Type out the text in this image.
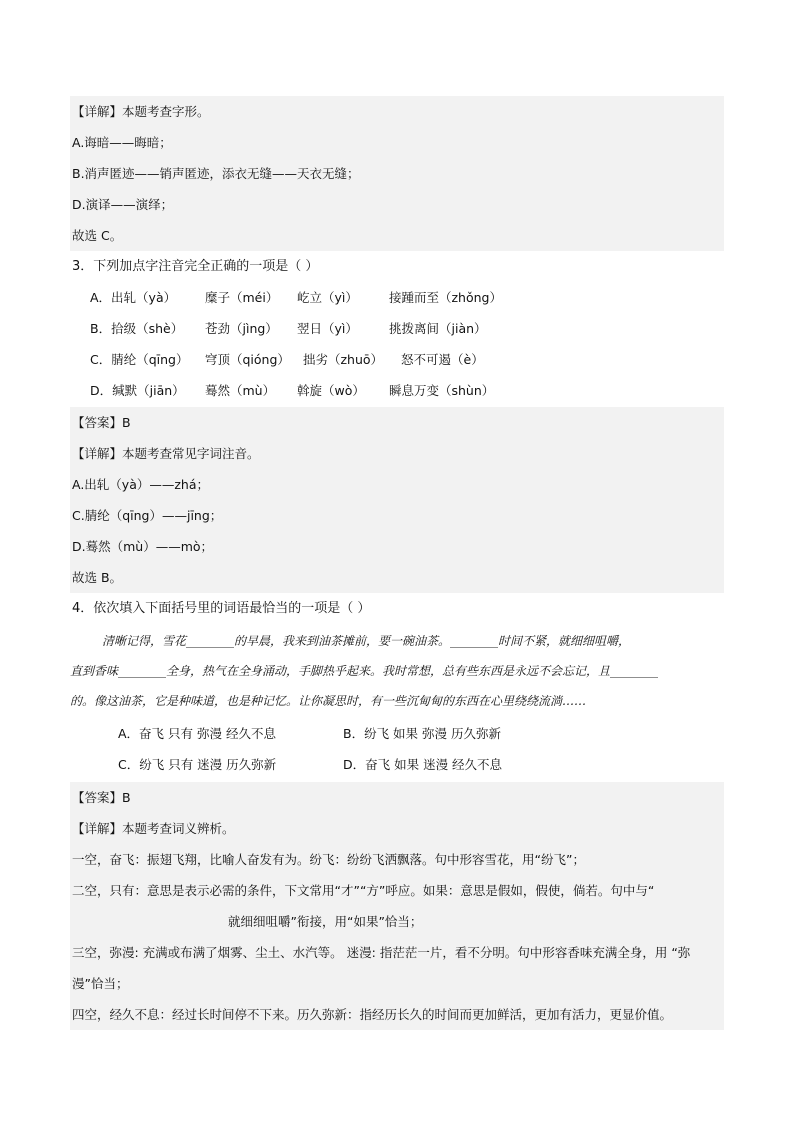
【详解】本题考查字形。
A.诲暗——晦暗；
B.消声匿迹——销声匿迹，添衣无缝——天衣无缝；
D.演译——演绎；
故选 C。
3．下列加点字注音完全正确的一项是（ ）
A．出轧（yà） 糜子（méi） 屹立（yì） 接踵而至（zhǒng）
B．拾级（shè） 苍劲（jìng） 翌日（yì） 挑拨离间（jiàn）
C．腈纶（qīng） 穹顶（qióng） 拙劣（zhuō） 怒不可遏（è）
D．缄默（jiān） 蓦然（mù） 斡旋（wò） 瞬息万变（shùn）
【答案】B
【详解】本题考查常见字词注音。
A.出轧（yà）——zhá；
C.腈纶（qīng）——jīng；
D.蓦然（mù）——mò；
故选 B。
4．依次填入下面括号里的词语最恰当的一项是（ ）
清晰记得，雪花________的早晨，我来到油茶摊前，要一碗油茶。________时间不紧，就细细咀嚼，
直到香味________全身，热气在全身涌动，手脚热乎起来。我时常想，总有些东西是永远不会忘记，且________
的。像这油茶，它是种味道，也是种记忆。让你凝思时，有一些沉甸甸的东西在心里绕绕流淌……
A．奋飞 只有 弥漫 经久不息	B．纷飞 如果 弥漫 历久弥新
C．纷飞 只有 迷漫 历久弥新	D．奋飞 如果 迷漫 经久不息
【答案】B
【详解】本题考查词义辨析。
一空，奋飞：振翅飞翔，比喻人奋发有为。纷飞：纷纷飞洒飘落。句中形容雪花，用“纷飞”；
二空，只有：意思是表示必需的条件，下文常用“才”“方”呼应。如果：意思是假如，假使，倘若。句中与“
就细细咀嚼”衔接，用“如果”恰当；
三空，弥漫: 充满或布满了烟雾、尘土、水汽等。 迷漫: 指茫茫一片，看不分明。句中形容香味充满全身，用 “弥
漫”恰当；
四空，经久不息：经过长时间停不下来。历久弥新：指经历长久的时间而更加鲜活，更加有活力，更显价值。
